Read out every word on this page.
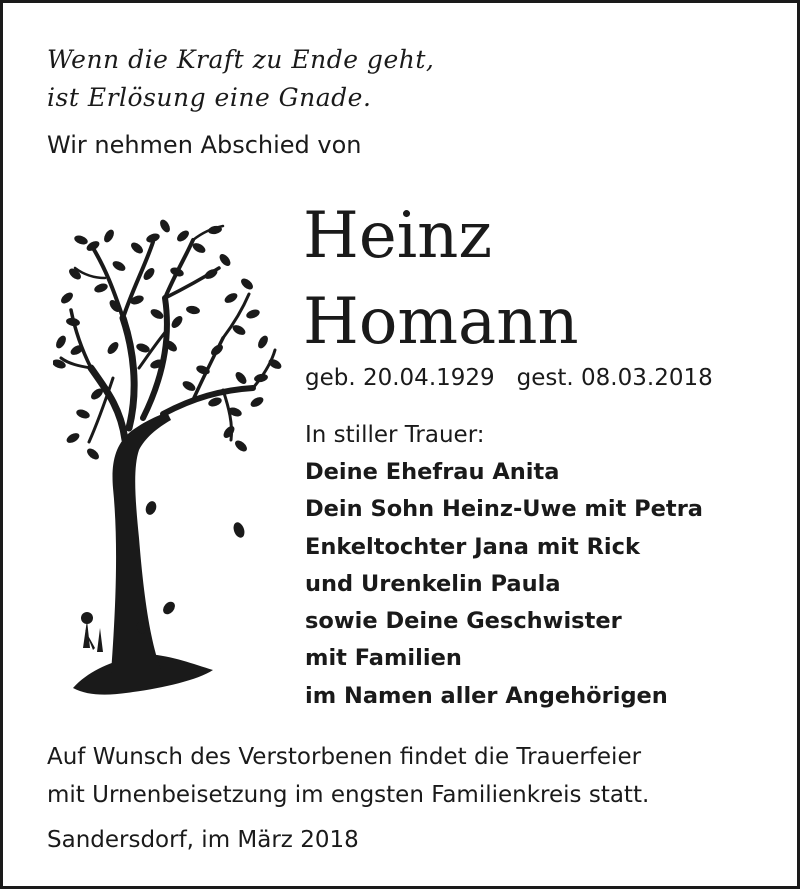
Wenn die Kraft zu Ende geht,
ist Erlösung eine Gnade.
Wir nehmen Abschied von
Heinz
Homann
geb. 20.04.1929 gest. 08.03.2018
In stiller Trauer:
Deine Ehefrau Anita
Dein Sohn Heinz-Uwe mit Petra
Enkeltochter Jana mit Rick
und Urenkelin Paula
sowie Deine Geschwister
mit Familien
im Namen aller Angehörigen
Auf Wunsch des Verstorbenen findet die Trauerfeier
mit Urnenbeisetzung im engsten Familienkreis statt.
Sandersdorf, im März 2018
